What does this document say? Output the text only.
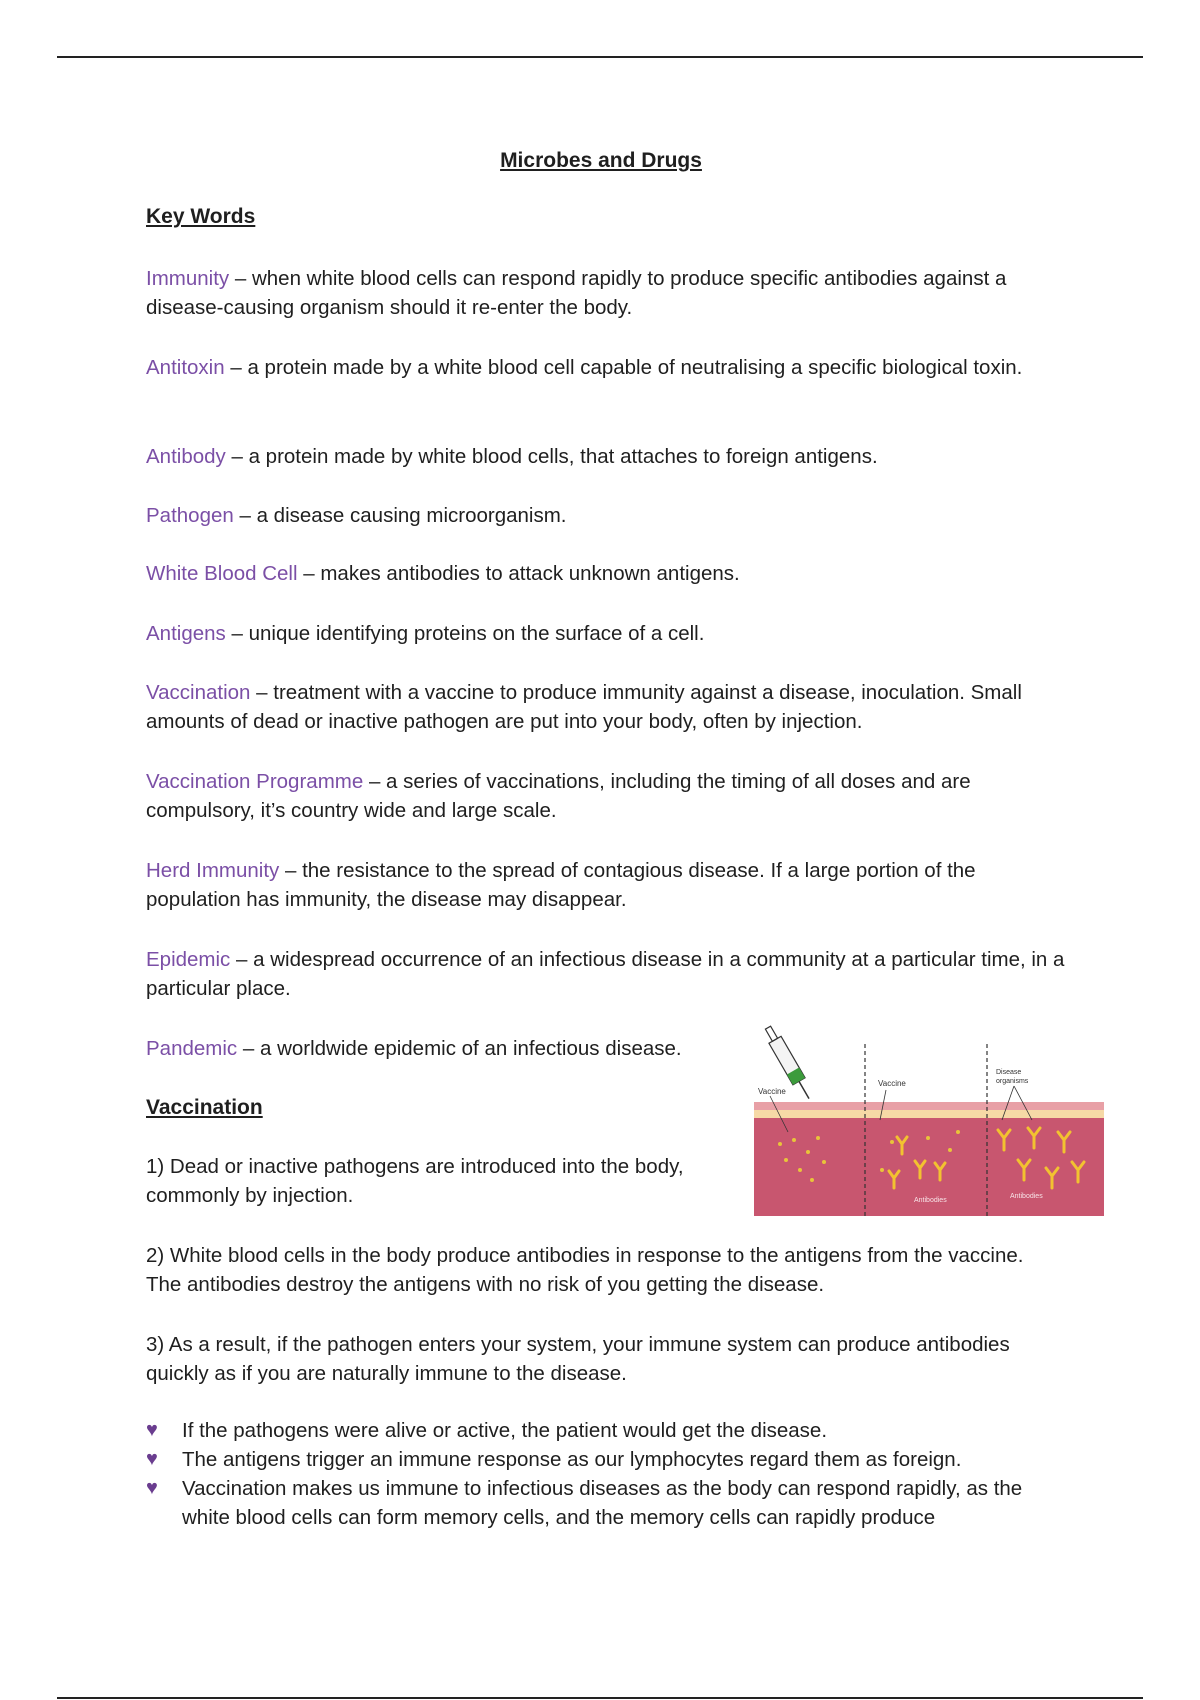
Microbes and Drugs
Key Words
Immunity – when white blood cells can respond rapidly to produce specific antibodies against a disease-causing organism should it re-enter the body.
Antitoxin – a protein made by a white blood cell capable of neutralising a specific biological toxin.
Antibody – a protein made by white blood cells, that attaches to foreign antigens.
Pathogen – a disease causing microorganism.
White Blood Cell – makes antibodies to attack unknown antigens.
Antigens – unique identifying proteins on the surface of a cell.
Vaccination – treatment with a vaccine to produce immunity against a disease, inoculation. Small amounts of dead or inactive pathogen are put into your body, often by injection.
Vaccination Programme – a series of vaccinations, including the timing of all doses and are compulsory, it’s country wide and large scale.
Herd Immunity – the resistance to the spread of contagious disease. If a large portion of the population has immunity, the disease may disappear.
Epidemic – a widespread occurrence of an infectious disease in a community at a particular time, in a particular place.
Pandemic – a worldwide epidemic of an infectious disease.
Vaccination
1) Dead or inactive pathogens are introduced into the body, commonly by injection.
2) White blood cells in the body produce antibodies in response to the antigens from the vaccine. The antibodies destroy the antigens with no risk of you getting the disease.
3) As a result, if the pathogen enters your system, your immune system can produce antibodies quickly as if you are naturally immune to the disease.
♥ If the pathogens were alive or active, the patient would get the disease.
♥ The antigens trigger an immune response as our lymphocytes regard them as foreign.
♥ Vaccination makes us immune to infectious diseases as the body can respond rapidly, as the white blood cells can form memory cells, and the memory cells can rapidly produce
Vaccine
Vaccine
Disease
organisms
Antibodies
Antibodies
